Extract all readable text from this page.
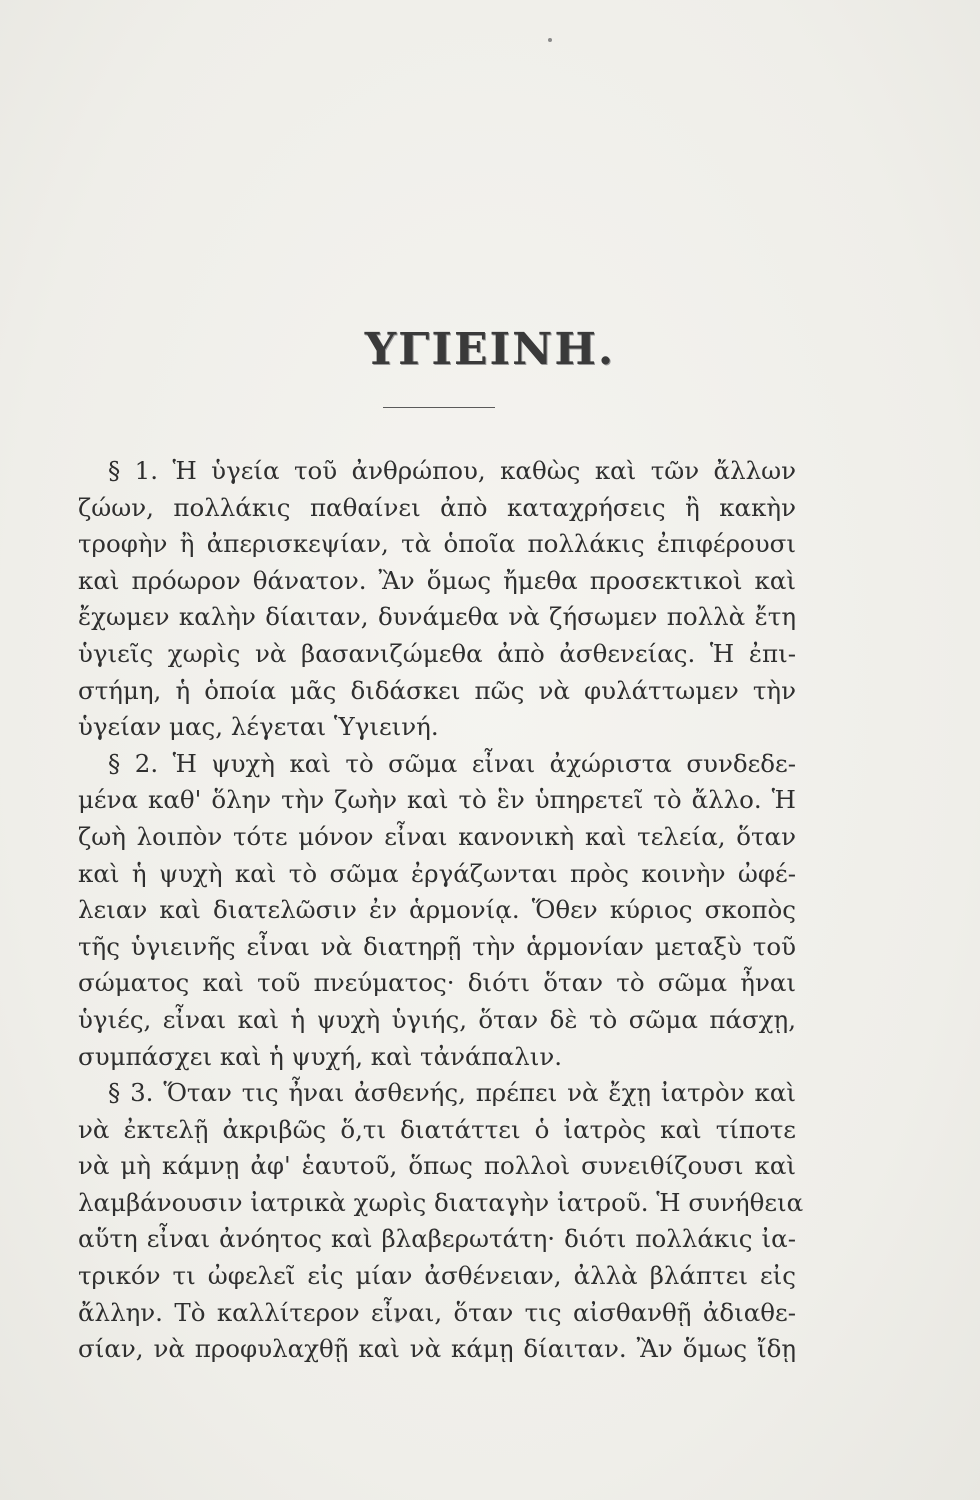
ΥΓΙΕΙΝΗ.
§ 1. Ἡ ὑγεία τοῦ ἀνθρώπου, καθὼς καὶ τῶν ἄλλων
ζώων, πολλάκις παθαίνει ἀπὸ καταχρήσεις ἢ κακὴν
τροφὴν ἢ ἀπερισκεψίαν, τὰ ὁποῖα πολλάκις ἐπιφέρουσι
καὶ πρόωρον θάνατον. Ἂν ὅμως ἤμεθα προσεκτικοὶ καὶ
ἔχωμεν καλὴν δίαιταν, δυνάμεθα νὰ ζήσωμεν πολλὰ ἔτη
ὑγιεῖς χωρὶς νὰ βασανιζώμεθα ἀπὸ ἀσθενείας. Ἡ ἐπι-
στήμη, ἡ ὁποία μᾶς διδάσκει πῶς νὰ φυλάττωμεν τὴν
ὑγείαν μας, λέγεται Ὑγιεινή.
§ 2. Ἡ ψυχὴ καὶ τὸ σῶμα εἶναι ἀχώριστα συνδεδε-
μένα καθ' ὅλην τὴν ζωὴν καὶ τὸ ἓν ὑπηρετεῖ τὸ ἄλλο. Ἡ
ζωὴ λοιπὸν τότε μόνον εἶναι κανονικὴ καὶ τελεία, ὅταν
καὶ ἡ ψυχὴ καὶ τὸ σῶμα ἐργάζωνται πρὸς κοινὴν ὠφέ-
λειαν καὶ διατελῶσιν ἐν ἁρμονίᾳ. Ὅθεν κύριος σκοπὸς
τῆς ὑγιεινῆς εἶναι νὰ διατηρῇ τὴν ἁρμονίαν μεταξὺ τοῦ
σώματος καὶ τοῦ πνεύματος· διότι ὅταν τὸ σῶμα ἦναι
ὑγιές, εἶναι καὶ ἡ ψυχὴ ὑγιής, ὅταν δὲ τὸ σῶμα πάσχῃ,
συμπάσχει καὶ ἡ ψυχή, καὶ τἀνάπαλιν.
§ 3. Ὅταν τις ἦναι ἀσθενής, πρέπει νὰ ἔχῃ ἰατρὸν καὶ
νὰ ἐκτελῇ ἀκριβῶς ὅ,τι διατάττει ὁ ἰατρὸς καὶ τίποτε
νὰ μὴ κάμνῃ ἀφ' ἑαυτοῦ, ὅπως πολλοὶ συνειθίζουσι καὶ
λαμβάνουσιν ἰατρικὰ χωρὶς διαταγὴν ἰατροῦ. Ἡ συνήθεια
αὕτη εἶναι ἀνόητος καὶ βλαβερωτάτη· διότι πολλάκις ἰα-
τρικόν τι ὠφελεῖ εἰς μίαν ἀσθένειαν, ἀλλὰ βλάπτει εἰς
ἄλλην. Τὸ καλλίτερον εἶναι, ὅταν τις αἰσθανθῇ ἀδιαθε-
σίαν, νὰ προφυλαχθῇ καὶ νὰ κάμῃ δίαιταν. Ἂν ὅμως ἴδῃ
